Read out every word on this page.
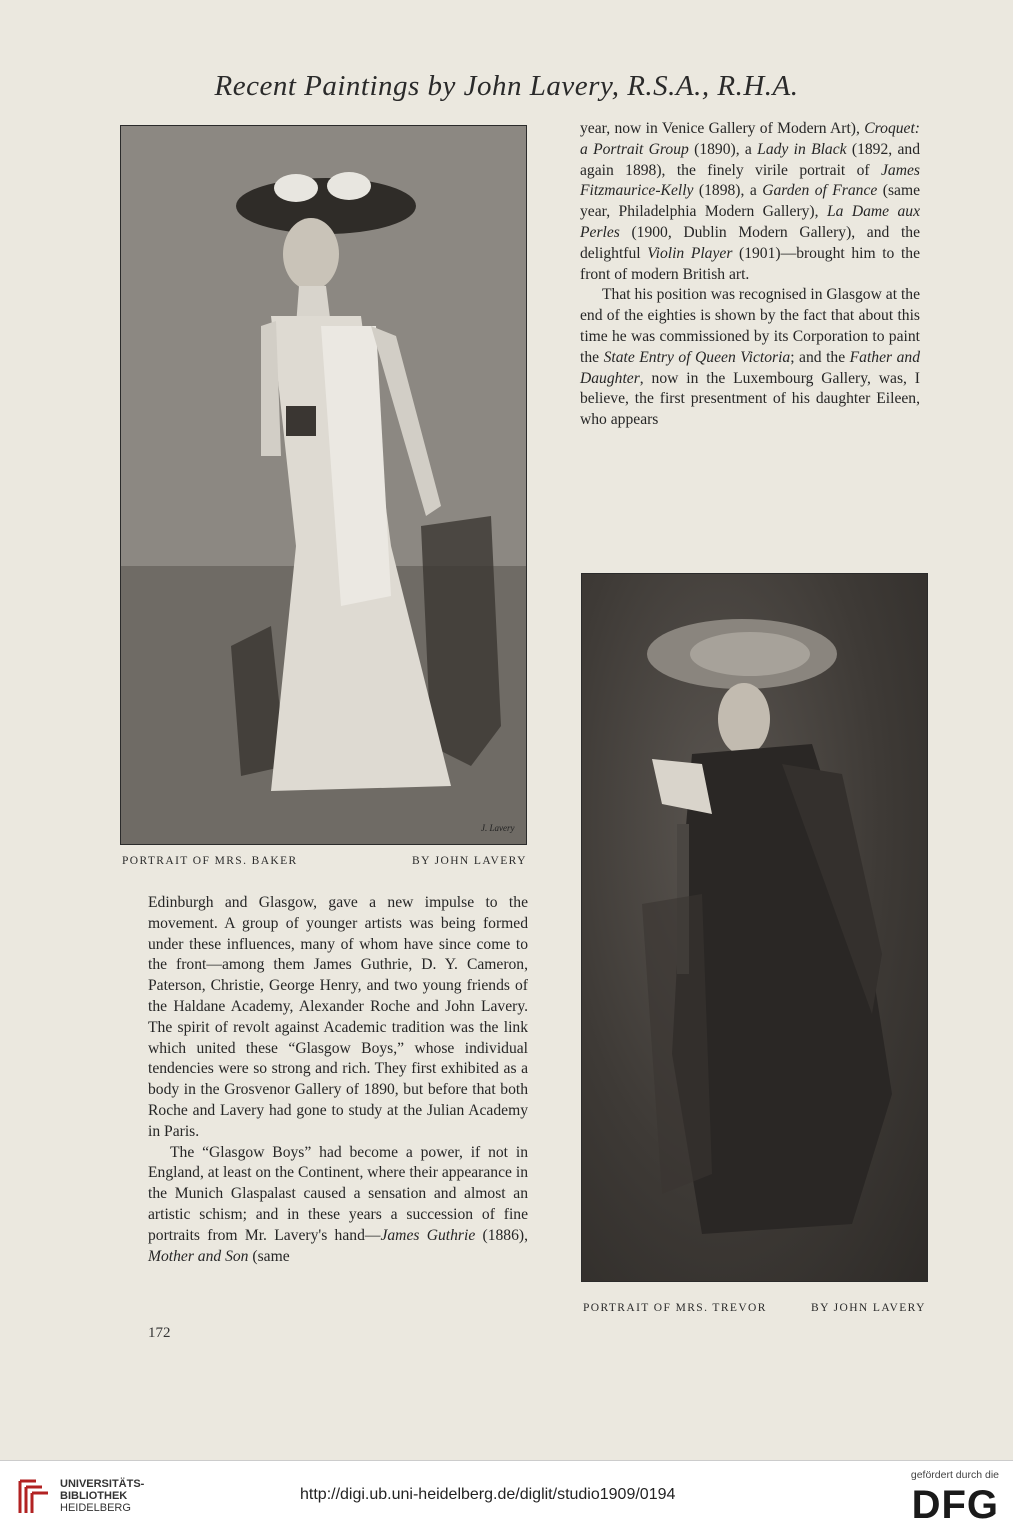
Recent Paintings by John Lavery, R.S.A., R.H.A.
J. Lavery
PORTRAIT OF MRS. BAKER	BY JOHN LAVERY
PORTRAIT OF MRS. TREVOR	BY JOHN LAVERY

year, now in Venice Gallery of Modern Art), Croquet: a Portrait Group (1890), a Lady in Black (1892, and again 1898), the finely virile portrait of James Fitzmaurice-Kelly (1898), a Garden of France (same year, Philadelphia Modern Gallery), La Dame aux Perles (1900, Dublin Modern Gallery), and the delightful Violin Player (1901)—brought him to the front of modern British art.

That his position was recognised in Glasgow at the end of the eighties is shown by the fact that about this time he was commissioned by its Corporation to paint the State Entry of Queen Victoria; and the Father and Daughter, now in the Luxembourg Gallery, was, I believe, the first presentment of his daughter Eileen, who appears

Edinburgh and Glasgow, gave a new impulse to the movement. A group of younger artists was being formed under these influences, many of whom have since come to the front—among them James Guthrie, D. Y. Cameron, Paterson, Christie, George Henry, and two young friends of the Haldane Academy, Alexander Roche and John Lavery. The spirit of revolt against Academic tradition was the link which united these “Glasgow Boys,” whose individual tendencies were so strong and rich. They first exhibited as a body in the Grosvenor Gallery of 1890, but before that both Roche and Lavery had gone to study at the Julian Academy in Paris.

The “Glasgow Boys” had become a power, if not in England, at least on the Continent, where their appearance in the Munich Glaspalast caused a sensation and almost an artistic schism; and in these years a succession of fine portraits from Mr. Lavery's hand—James Guthrie (1886), Mother and Son (same

172
UNIVERSITÄTS-
BIBLIOTHEK
HEIDELBERG
http://digi.ub.uni-heidelberg.de/diglit/studio1909/0194
gefördert durch die
DFG
